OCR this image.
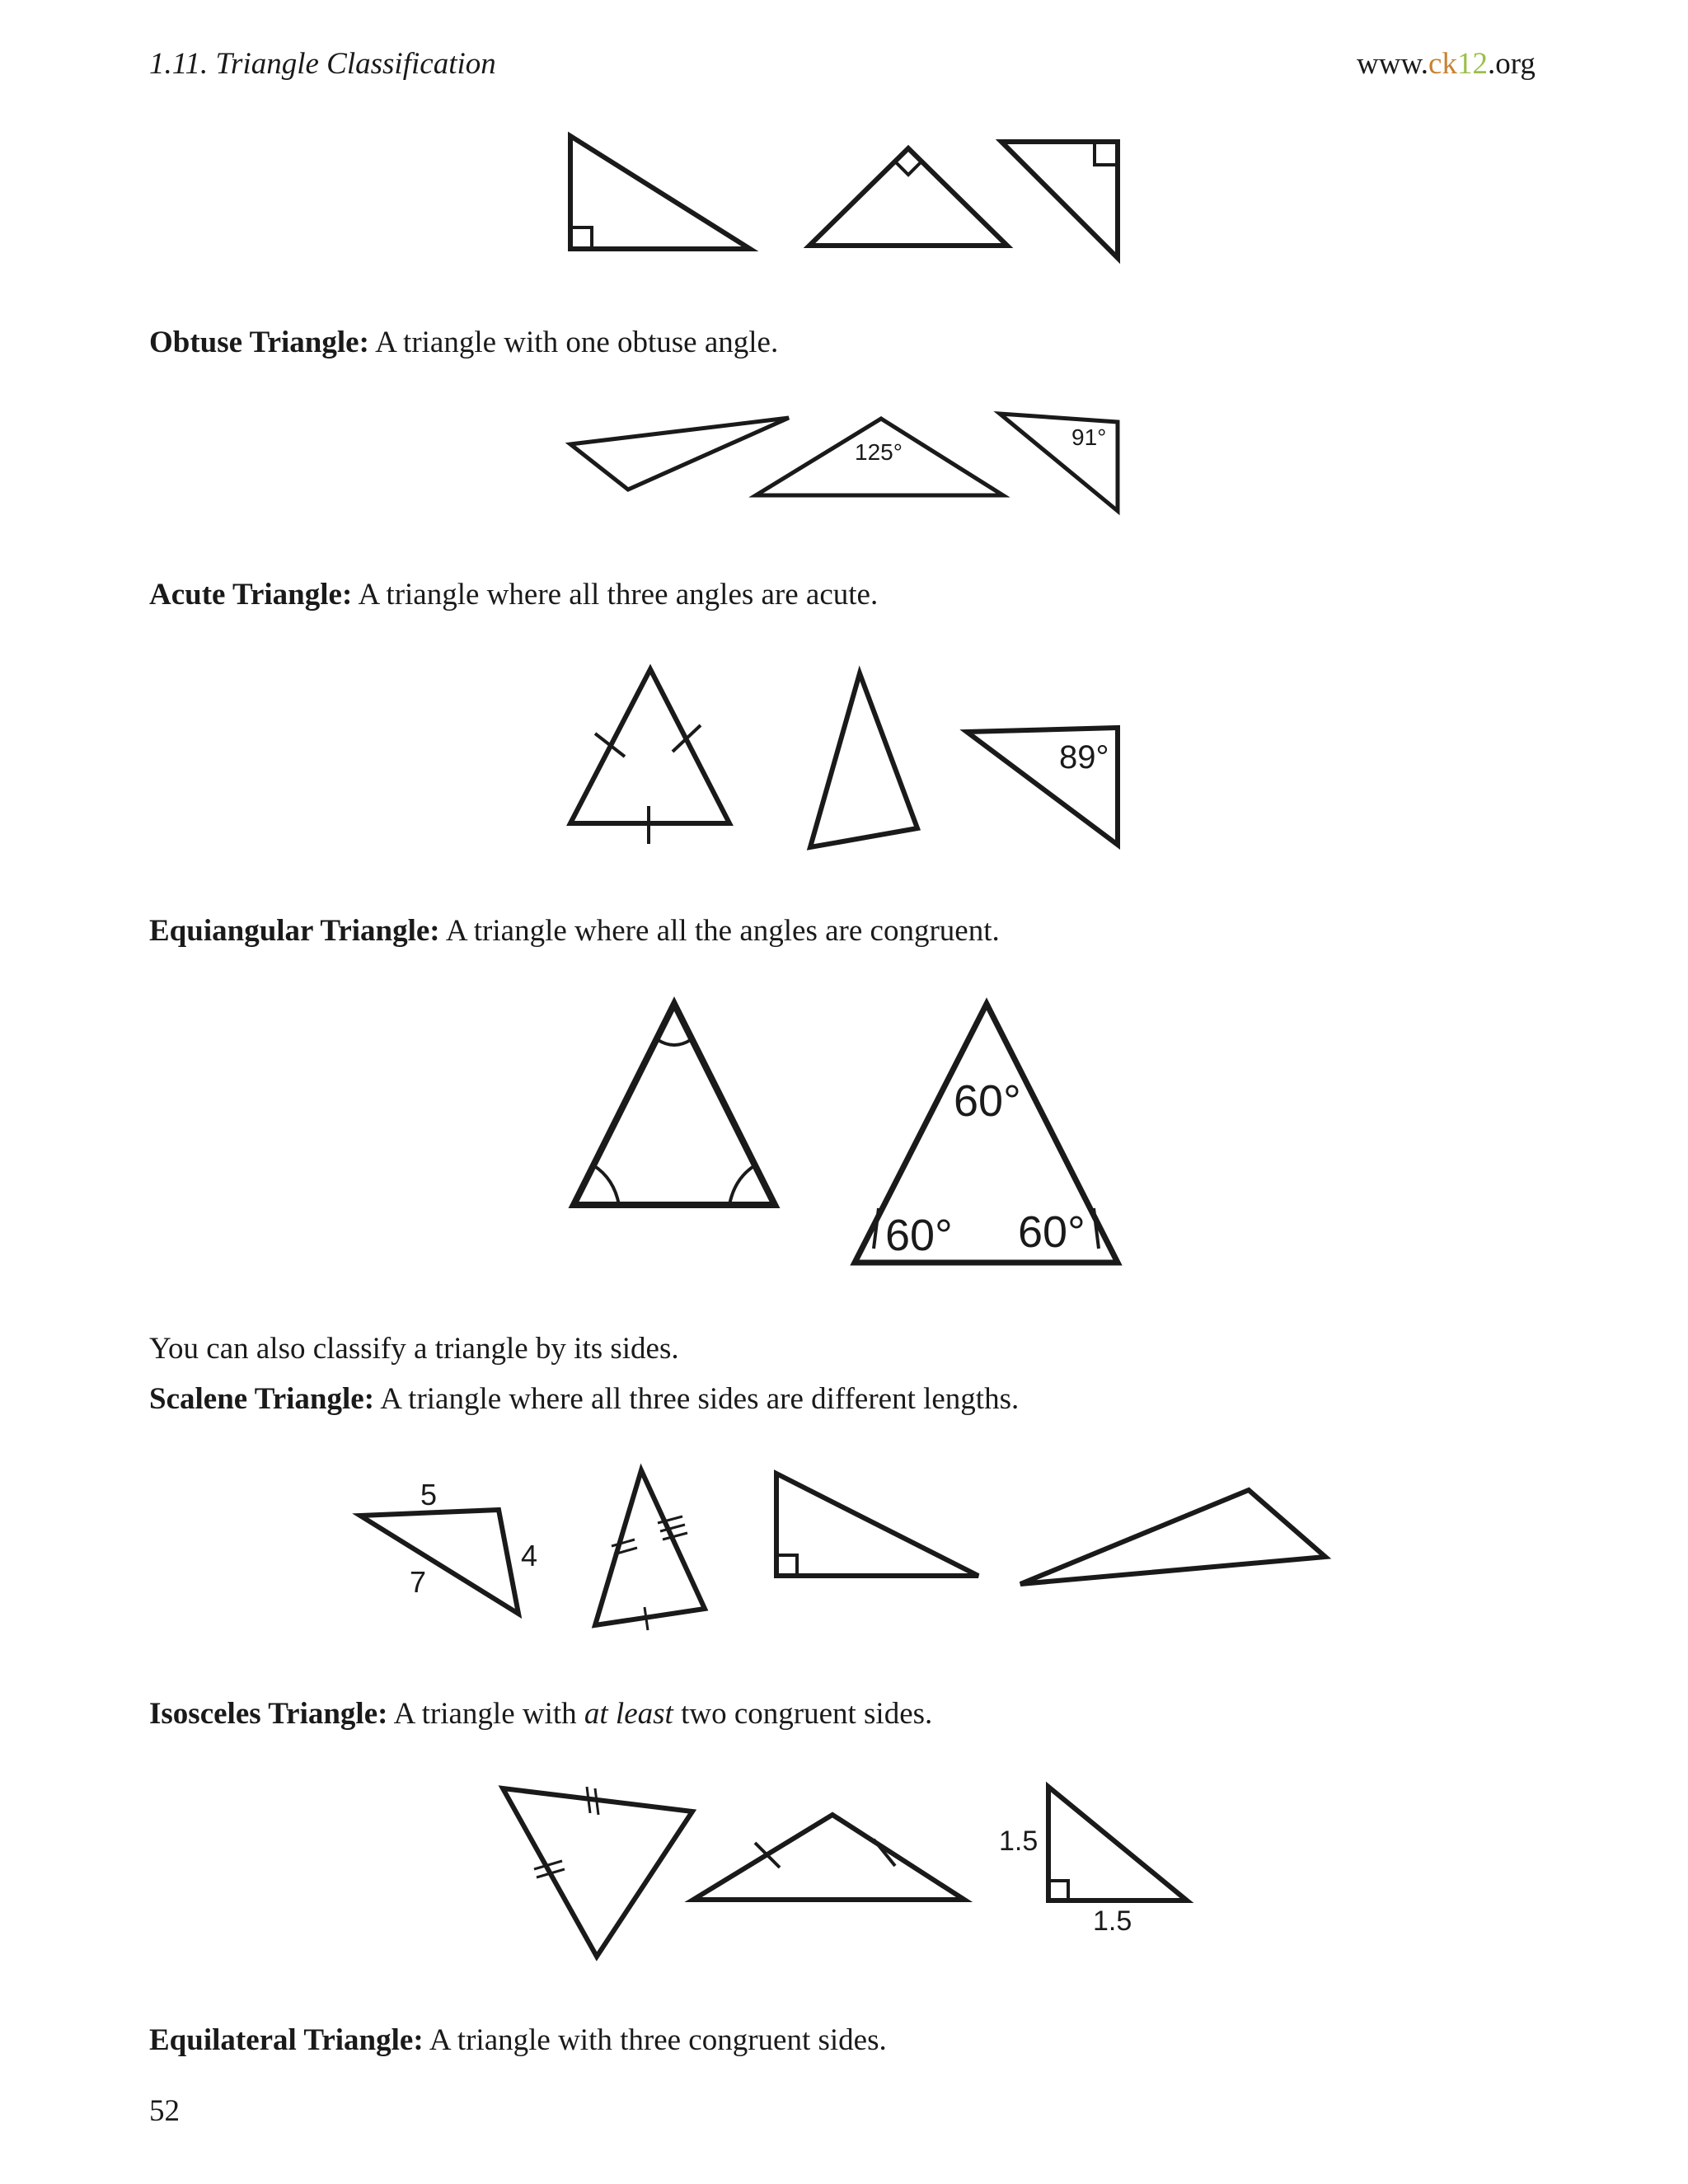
1.11. Triangle Classification	www.ck12.org
125°
91°
89°
60°
60° 60°
5
4
7
1.5
1.5
Obtuse Triangle: A triangle with one obtuse angle.
Acute Triangle: A triangle where all three angles are acute.
Equiangular Triangle: A triangle where all the angles are congruent.
You can also classify a triangle by its sides.
Scalene Triangle: A triangle where all three sides are different lengths.
Isosceles Triangle: A triangle with at least two congruent sides.
Equilateral Triangle: A triangle with three congruent sides.
52
